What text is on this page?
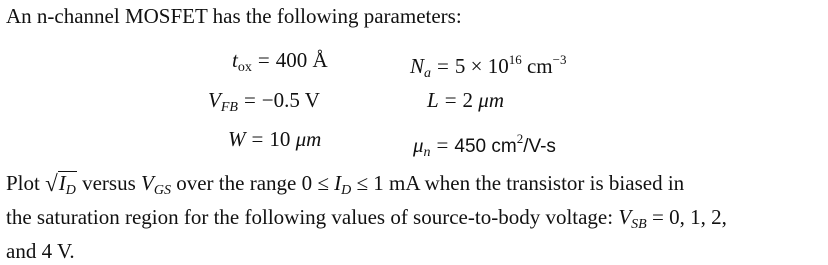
An n-channel MOSFET has the following parameters:
tox = 400 Å
$V_{FB} = -0.5$ V
W = 10 μm
$N_a = 5 \times 10^{16}$ $cm^{-3}$
L = 2 μm
$\mu_n = 450$ $cm^2/V-s$

Plot $√I_D$ versus $V_{GS}$ over the range $0 \le I_D \le 1$ mA when the transistor is biased in

the saturation region for the following values of source-to-body voltage: $V_{SB} = 0$, 1, 2,

and 4 V.
